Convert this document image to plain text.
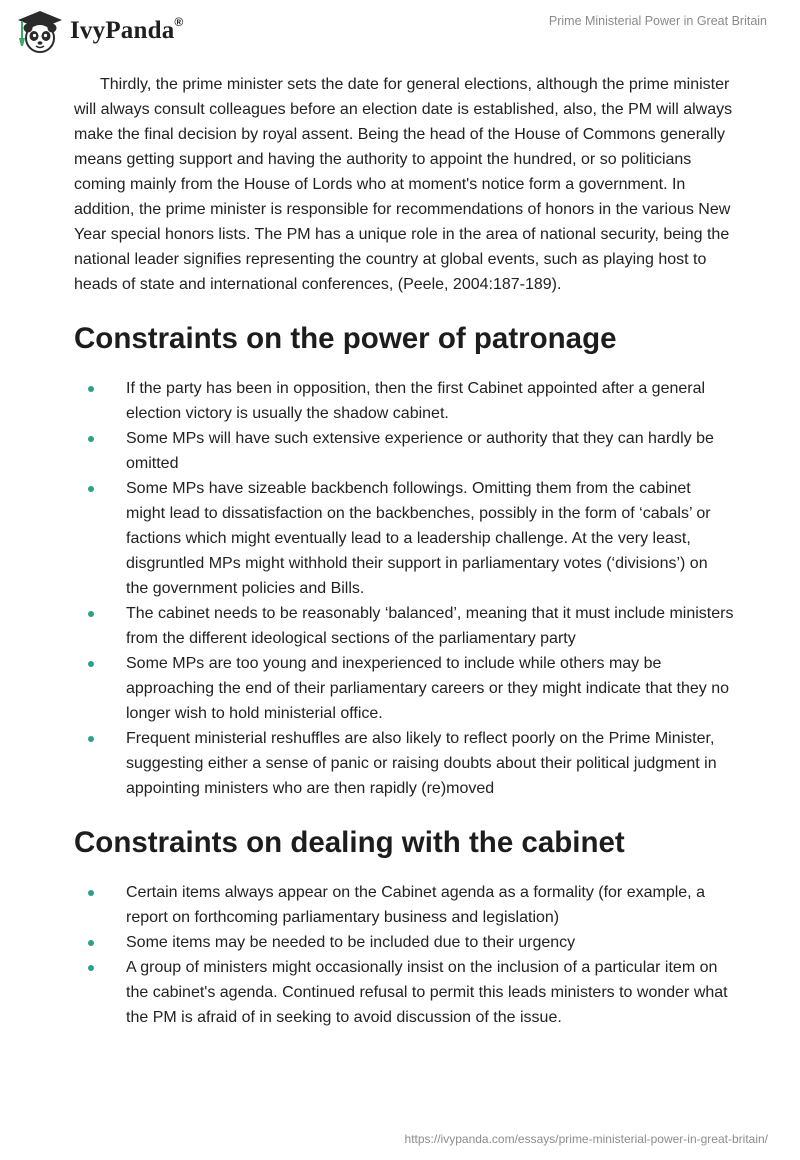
IvyPanda®	Prime Ministerial Power in Great Britain

Thirdly, the prime minister sets the date for general elections, although the prime minister will always consult colleagues before an election date is established, also, the PM will always make the final decision by royal assent. Being the head of the House of Commons generally means getting support and having the authority to appoint the hundred, or so politicians coming mainly from the House of Lords who at moment's notice form a government. In addition, the prime minister is responsible for recommendations of honors in the various New Year special honors lists. The PM has a unique role in the area of national security, being the national leader signifies representing the country at global events, such as playing host to heads of state and international conferences, (Peele, 2004:187-189).

Constraints on the power of patronage
If the party has been in opposition, then the first Cabinet appointed after a general election victory is usually the shadow cabinet.
Some MPs will have such extensive experience or authority that they can hardly be omitted
Some MPs have sizeable backbench followings. Omitting them from the cabinet might lead to dissatisfaction on the backbenches, possibly in the form of ‘cabals’ or factions which might eventually lead to a leadership challenge. At the very least, disgruntled MPs might withhold their support in parliamentary votes (‘divisions’) on the government policies and Bills.
The cabinet needs to be reasonably ‘balanced’, meaning that it must include ministers from the different ideological sections of the parliamentary party
Some MPs are too young and inexperienced to include while others may be approaching the end of their parliamentary careers or they might indicate that they no longer wish to hold ministerial office.
Frequent ministerial reshuffles are also likely to reflect poorly on the Prime Minister, suggesting either a sense of panic or raising doubts about their political judgment in appointing ministers who are then rapidly (re)moved
Constraints on dealing with the cabinet
Certain items always appear on the Cabinet agenda as a formality (for example, a report on forthcoming parliamentary business and legislation)
Some items may be needed to be included due to their urgency
A group of ministers might occasionally insist on the inclusion of a particular item on the cabinet's agenda. Continued refusal to permit this leads ministers to wonder what the PM is afraid of in seeking to avoid discussion of the issue.
https://ivypanda.com/essays/prime-ministerial-power-in-great-britain/
